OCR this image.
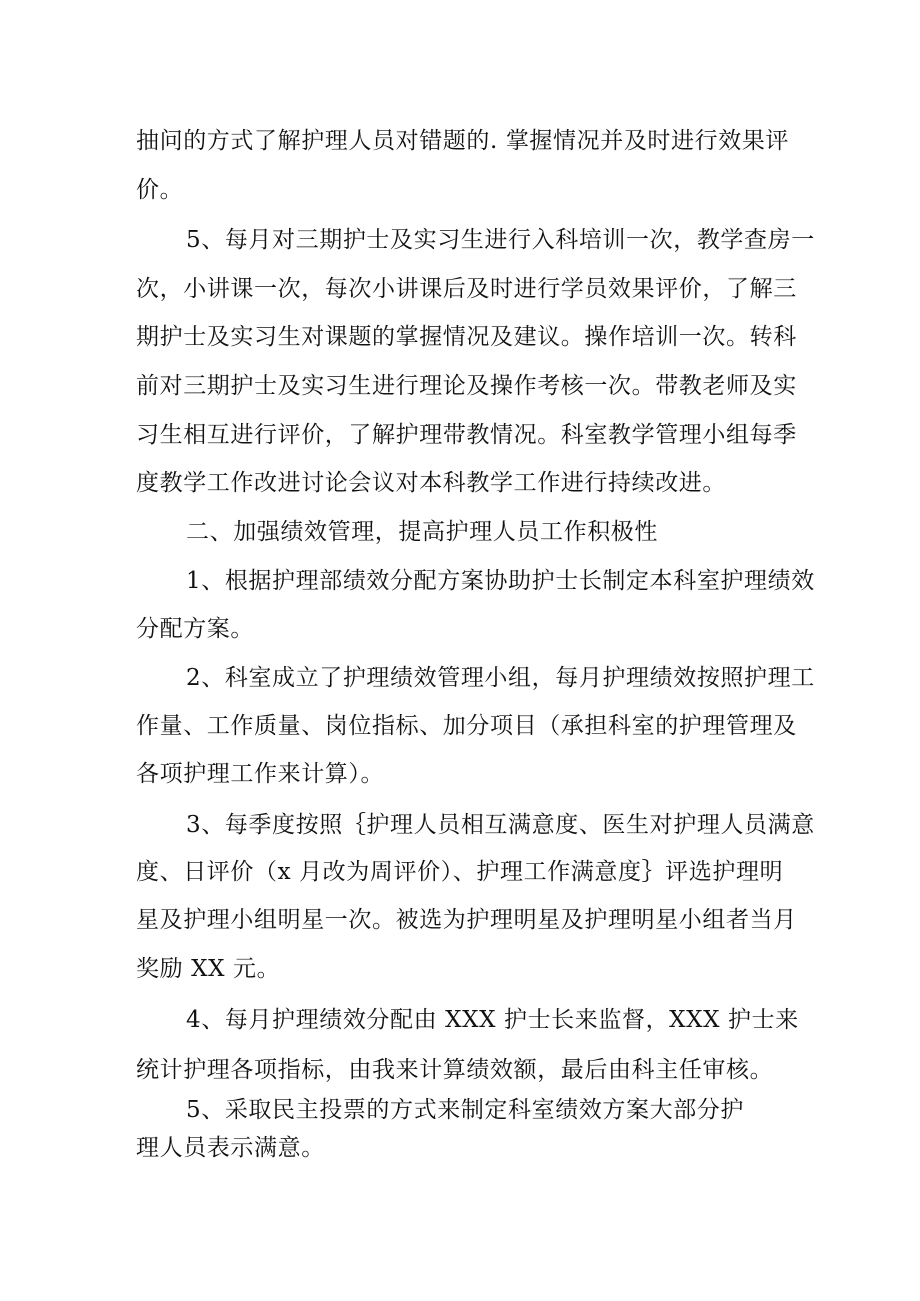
抽问的方式了解护理人员对错题的. 掌握情况并及时进行效果评
价。
5、每月对三期护士及实习生进行入科培训一次，教学查房一
次，小讲课一次，每次小讲课后及时进行学员效果评价，了解三
期护士及实习生对课题的掌握情况及建议。操作培训一次。转科
前对三期护士及实习生进行理论及操作考核一次。带教老师及实
习生相互进行评价，了解护理带教情况。科室教学管理小组每季
度教学工作改进讨论会议对本科教学工作进行持续改进。
二、加强绩效管理，提高护理人员工作积极性
1、根据护理部绩效分配方案协助护士长制定本科室护理绩效
分配方案。
2、科室成立了护理绩效管理小组，每月护理绩效按照护理工
作量、工作质量、岗位指标、加分项目（承担科室的护理管理及
各项护理工作来计算）。
3、每季度按照｛护理人员相互满意度、医生对护理人员满意
度、日评价（x 月改为周评价）、护理工作满意度｝评选护理明
星及护理小组明星一次。被选为护理明星及护理明星小组者当月
奖励 XX 元。
4、每月护理绩效分配由 XXX 护士长来监督，XXX 护士来
统计护理各项指标，由我来计算绩效额，最后由科主任审核。
5、采取民主投票的方式来制定科室绩效方案大部分护
理人员表示满意。
